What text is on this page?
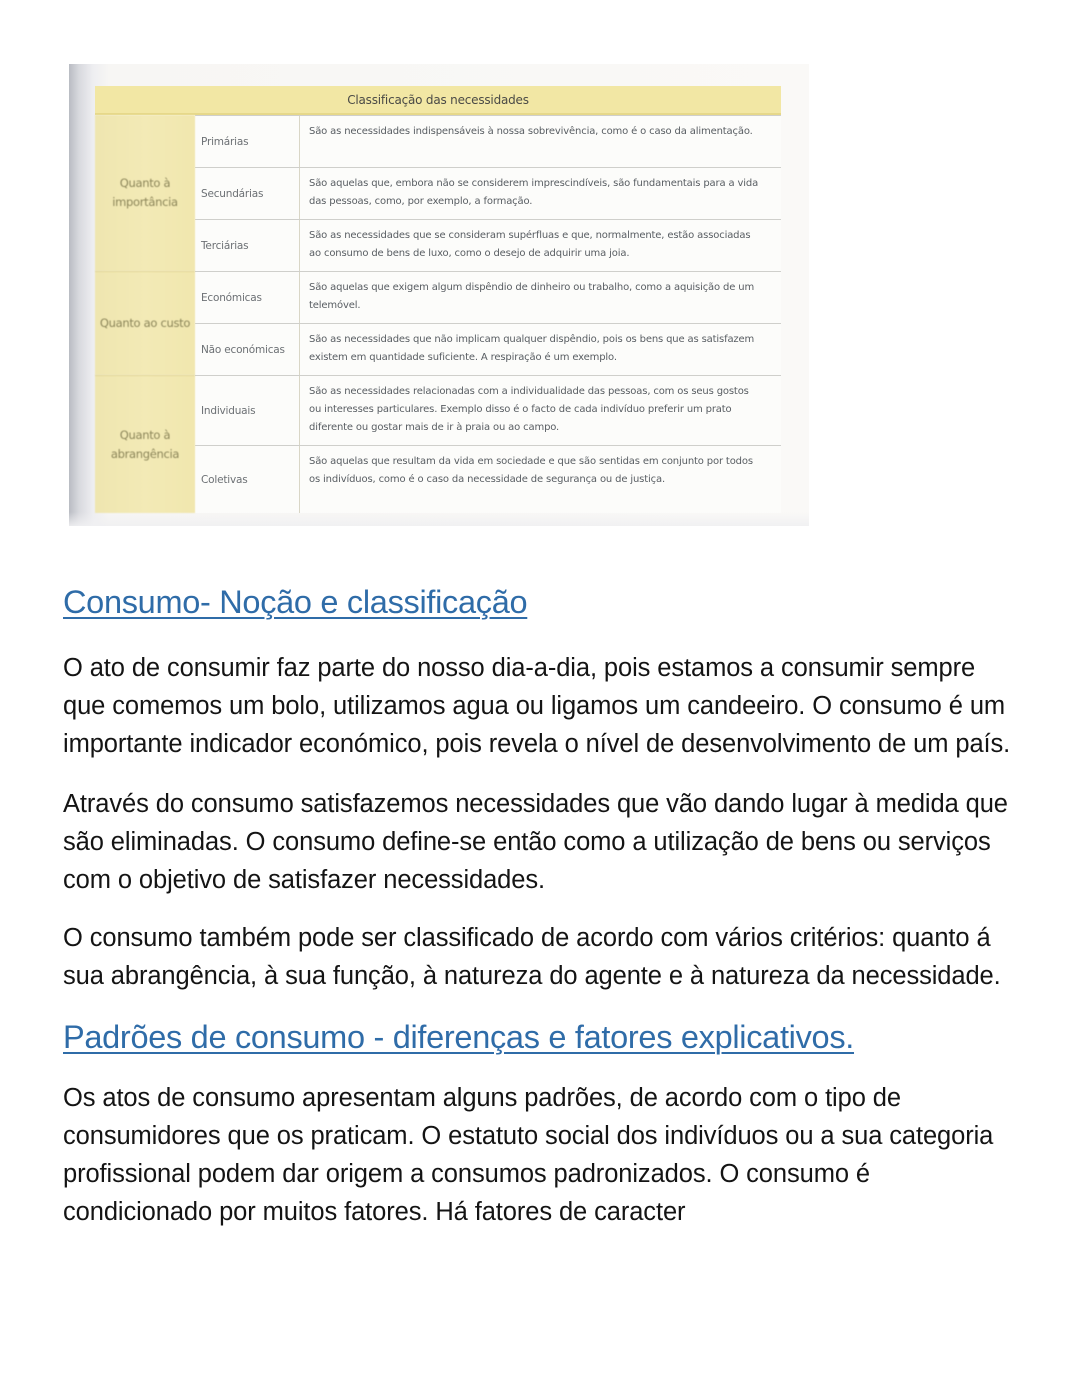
Classificação das necessidades
Quanto à importância
Primárias
São as necessidades indispensáveis à nossa sobrevivência, como é o caso da alimentação.
Secundárias
São aquelas que, embora não se considerem imprescindíveis, são fundamentais para a vida das pessoas, como, por exemplo, a formação.
Terciárias
São as necessidades que se consideram supérfluas e que, normalmente, estão associadas ao consumo de bens de luxo, como o desejo de adquirir uma joia.
Quanto ao custo
Económicas
São aquelas que exigem algum dispêndio de dinheiro ou trabalho, como a aquisição de um telemóvel.
Não económicas
São as necessidades que não implicam qualquer dispêndio, pois os bens que as satisfazem existem em quantidade suficiente. A respiração é um exemplo.
Quanto à abrangência
Individuais
São as necessidades relacionadas com a individualidade das pessoas, com os seus gostos ou interesses particulares. Exemplo disso é o facto de cada indivíduo preferir um prato diferente ou gostar mais de ir à praia ou ao campo.
Coletivas
São aquelas que resultam da vida em sociedade e que são sentidas em conjunto por todos os indivíduos, como é o caso da necessidade de segurança ou de justiça.
Consumo- Noção e classificação

O ato de consumir faz parte do nosso dia-a-dia, pois estamos a consumir sempre que comemos um bolo, utilizamos agua ou ligamos um candeeiro. O consumo é um importante indicador económico, pois revela o nível de desenvolvimento de um país.

Através do consumo satisfazemos necessidades que vão dando lugar à medida que são eliminadas. O consumo define-se então como a utilização de bens ou serviços com o objetivo de satisfazer necessidades.

O consumo também pode ser classificado de acordo com vários critérios: quanto á sua abrangência, à sua função, à natureza do agente e à natureza da necessidade.

Padrões de consumo - diferenças e fatores explicativos.

Os atos de consumo apresentam alguns padrões, de acordo com o tipo de consumidores que os praticam. O estatuto social dos indivíduos ou a sua categoria profissional podem dar origem a consumos padronizados. O consumo é condicionado por muitos fatores. Há fatores de caracter
